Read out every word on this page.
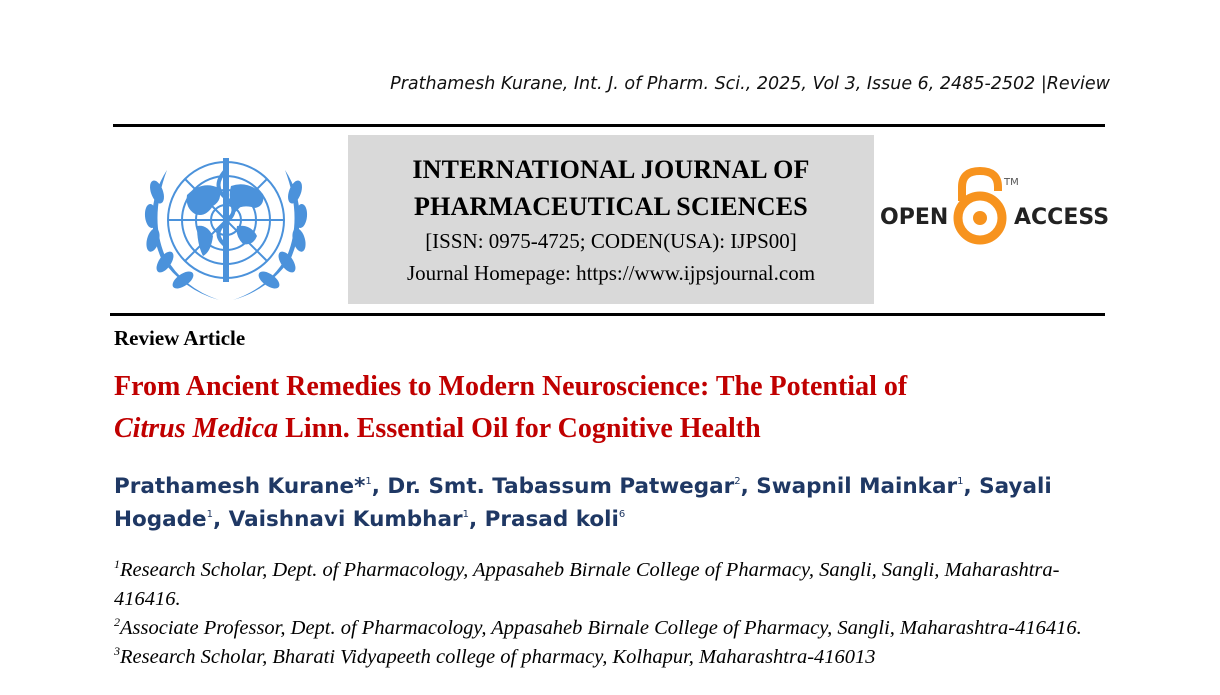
Prathamesh Kurane, Int. J. of Pharm. Sci., 2025, Vol 3, Issue 6, 2485-2502 |Review
INTERNATIONAL JOURNAL OF
PHARMACEUTICAL SCIENCES
[ISSN: 0975-4725; CODEN(USA): IJPS00]
Journal Homepage: https://www.ijpsjournal.com
OPEN
TM
ACCESS
Review Article
From Ancient Remedies to Modern Neuroscience: The Potential of
Citrus Medica Linn. Essential Oil for Cognitive Health
Prathamesh Kurane*$^1$, Dr. Smt. Tabassum Patwegar$^2$, Swapnil Mainkar$^1$, Sayali Hogade$^1$, Vaishnavi Kumbhar$^1$, Prasad koli$^6$
$^1$Research Scholar, Dept. of Pharmacology, Appasaheb Birnale College of Pharmacy, Sangli, Sangli, Maharashtra-416416.
$^2$Associate Professor, Dept. of Pharmacology, Appasaheb Birnale College of Pharmacy, Sangli, Maharashtra-416416.
$^3$Research Scholar, Bharati Vidyapeeth college of pharmacy, Kolhapur, Maharashtra-416013
